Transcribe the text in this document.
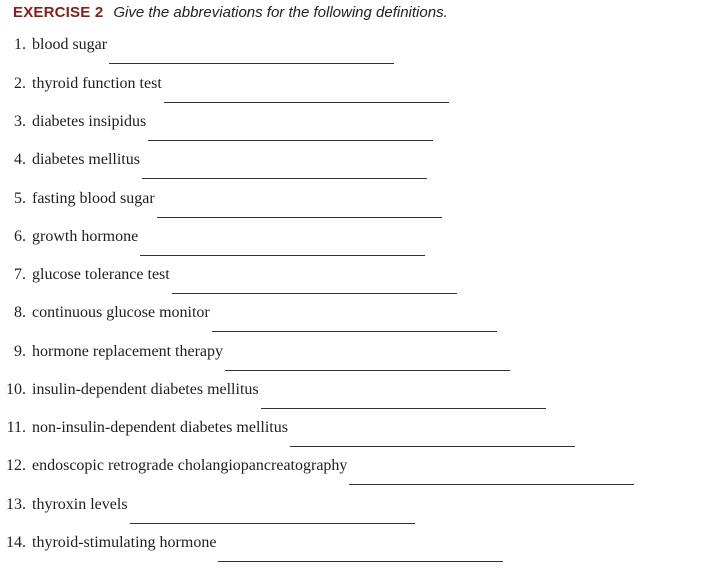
EXERCISE 2 Give the abbreviations for the following definitions.
1. blood sugar
2. thyroid function test
3. diabetes insipidus
4. diabetes mellitus
5. fasting blood sugar
6. growth hormone
7. glucose tolerance test
8. continuous glucose monitor
9. hormone replacement therapy
10. insulin-dependent diabetes mellitus
11. non-insulin-dependent diabetes mellitus
12. endoscopic retrograde cholangiopancreatography
13. thyroxin levels
14. thyroid-stimulating hormone
